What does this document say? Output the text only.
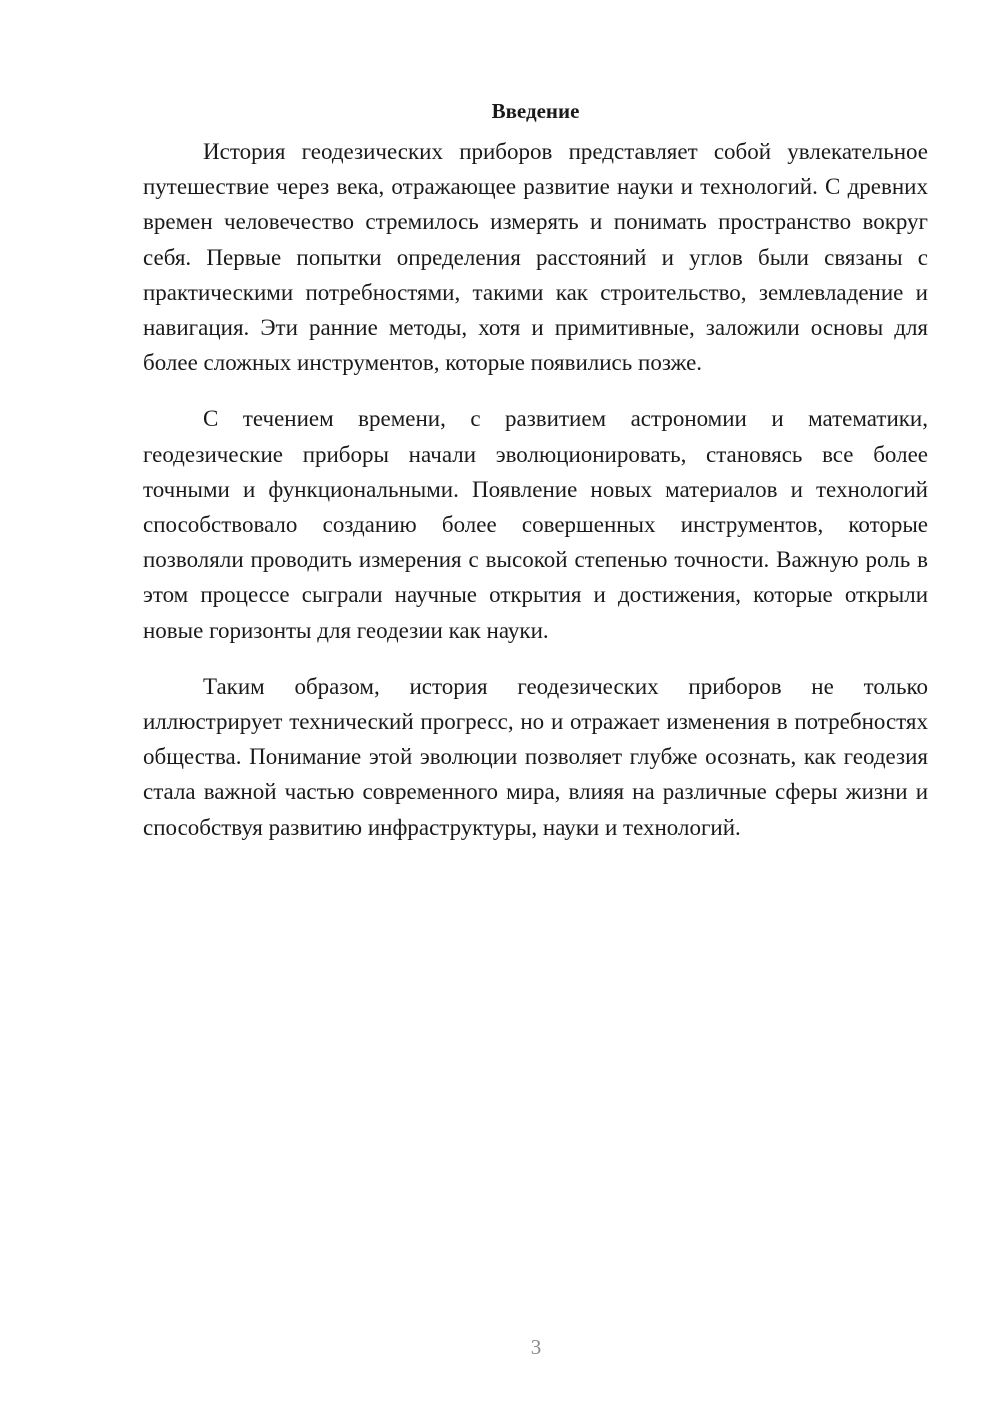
Введение

История геодезических приборов представляет собой увлекательное путешествие через века, отражающее развитие науки и технологий. С древних времен человечество стремилось измерять и понимать пространство вокруг себя. Первые попытки определения расстояний и углов были связаны с практическими потребностями, такими как строительство, землевладение и навигация. Эти ранние методы, хотя и примитивные, заложили основы для более сложных инструментов, которые появились позже.

С течением времени, с развитием астрономии и математики, геодезические приборы начали эволюционировать, становясь все более точными и функциональными. Появление новых материалов и технологий способствовало созданию более совершенных инструментов, которые позволяли проводить измерения с высокой степенью точности. Важную роль в этом процессе сыграли научные открытия и достижения, которые открыли новые горизонты для геодезии как науки.

Таким образом, история геодезических приборов не только иллюстрирует технический прогресс, но и отражает изменения в потребностях общества. Понимание этой эволюции позволяет глубже осознать, как геодезия стала важной частью современного мира, влияя на различные сферы жизни и способствуя развитию инфраструктуры, науки и технологий.

3
